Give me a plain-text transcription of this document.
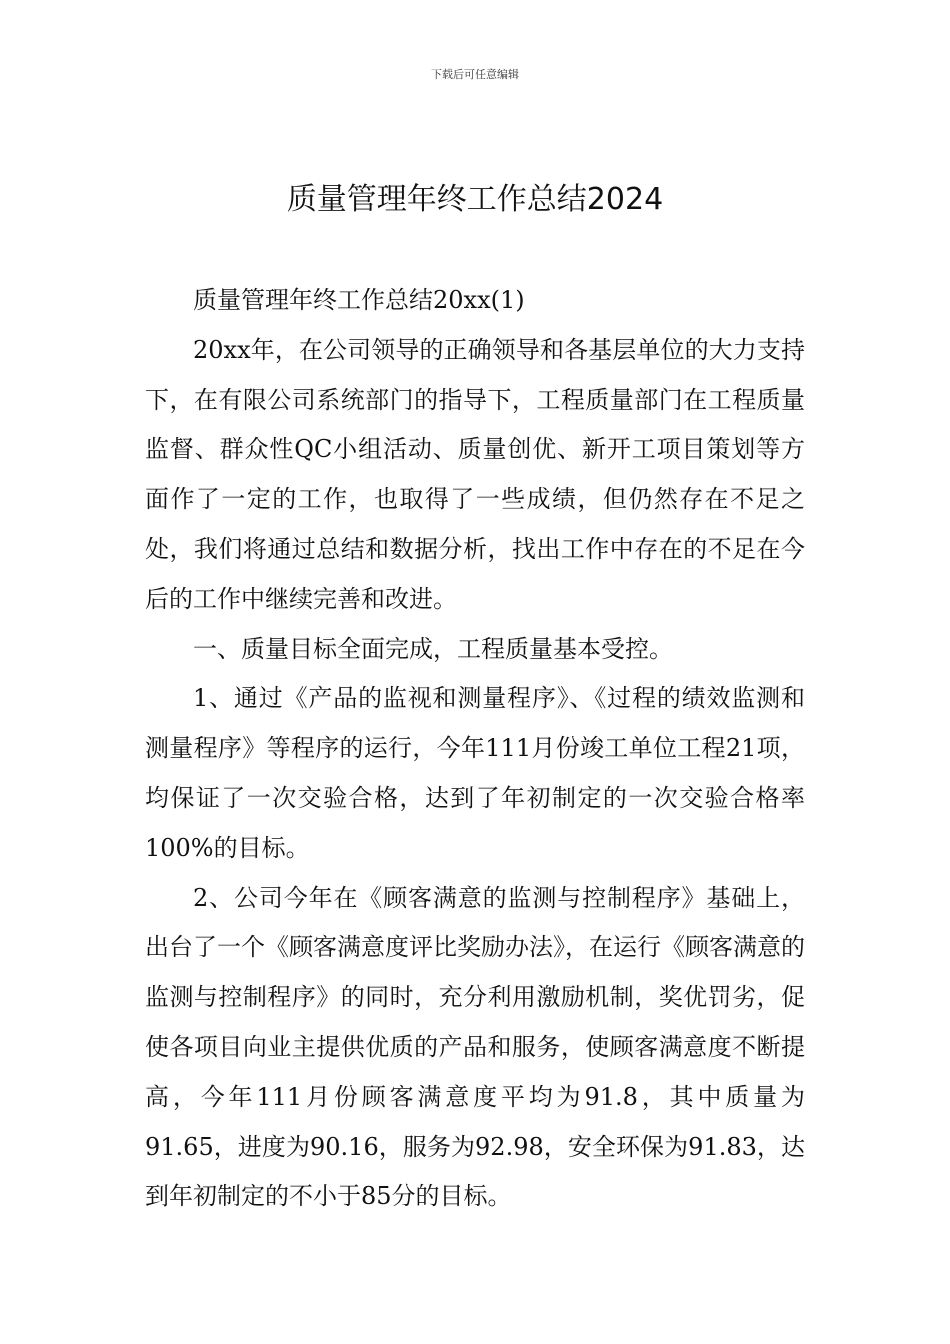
下载后可任意编辑
质量管理年终工作总结2024

质量管理年终工作总结20xx(1)

20xx年，在公司领导的正确领导和各基层单位的大力支持下，在有限公司系统部门的指导下，工程质量部门在工程质量监督、群众性QC小组活动、质量创优、新开工项目策划等方面作了一定的工作，也取得了一些成绩，但仍然存在不足之处，我们将通过总结和数据分析，找出工作中存在的不足在今后的工作中继续完善和改进。

一、质量目标全面完成，工程质量基本受控。

1、通过《产品的监视和测量程序》、《过程的绩效监测和测量程序》等程序的运行，今年111月份竣工单位工程21项，均保证了一次交验合格，达到了年初制定的一次交验合格率100%的目标。

2、公司今年在《顾客满意的监测与控制程序》基础上，出台了一个《顾客满意度评比奖励办法》，在运行《顾客满意的监测与控制程序》的同时，充分利用激励机制，奖优罚劣，促使各项目向业主提供优质的产品和服务，使顾客满意度不断提高，今年111月份顾客满意度平均为91.8，其中质量为91.65，进度为90.16，服务为92.98，安全环保为91.83，达到年初制定的不小于85分的目标。
